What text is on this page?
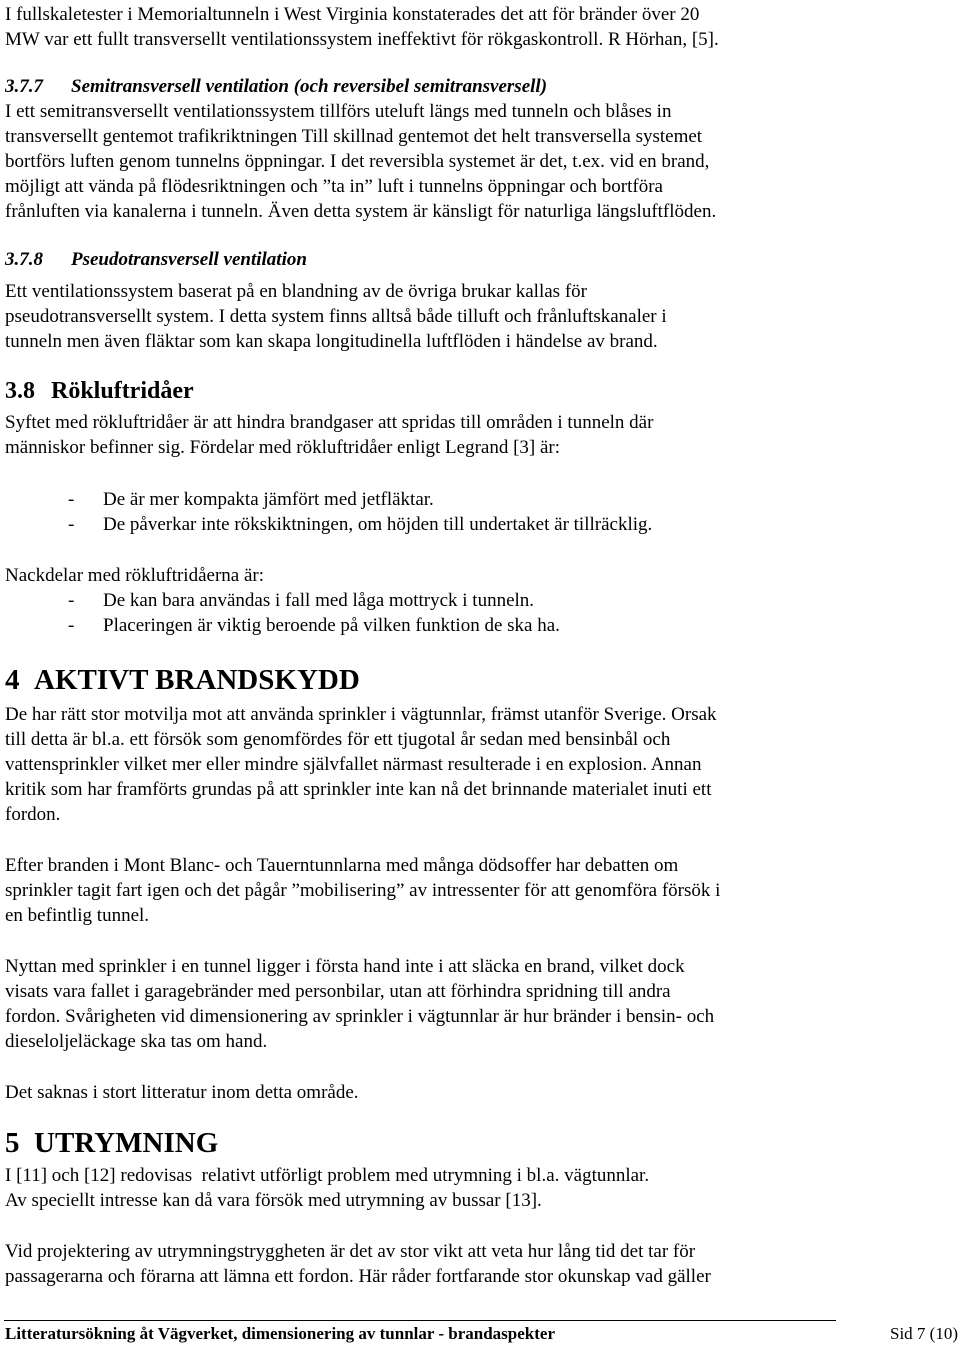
I fullskaletester i Memorialtunneln i West Virginia konstaterades det att för bränder över 20

MW var ett fullt transversellt ventilationssystem ineffektivt för rökgaskontroll. R Hörhan, [5].

3.7.7 Semitransversell ventilation (och reversibel semitransversell)

I ett semitransversellt ventilationssystem tillförs uteluft längs med tunneln och blåses in

transversellt gentemot trafikriktningen Till skillnad gentemot det helt transversella systemet

bortförs luften genom tunnelns öppningar. I det reversibla systemet är det, t.ex. vid en brand,

möjligt att vända på flödesriktningen och ”ta in” luft i tunnelns öppningar och bortföra

frånluften via kanalerna i tunneln. Även detta system är känsligt för naturliga längsluftflöden.

3.7.8 Pseudotransversell ventilation

Ett ventilationssystem baserat på en blandning av de övriga brukar kallas för

pseudotransversellt system. I detta system finns alltså både tilluft och frånluftskanaler i

tunneln men även fläktar som kan skapa longitudinella luftflöden i händelse av brand.

3.8 Rökluftridåer

Syftet med rökluftridåer är att hindra brandgaser att spridas till områden i tunneln där

människor befinner sig. Fördelar med rökluftridåer enligt Legrand [3] är:

- De är mer kompakta jämfört med jetfläktar.
- De påverkar inte rökskiktningen, om höjden till undertaket är tillräcklig.

Nackdelar med rökluftridåerna är:

- De kan bara användas i fall med låga mottryck i tunneln.
- Placeringen är viktig beroende på vilken funktion de ska ha.
4 AKTIVT BRANDSKYDD

De har rätt stor motvilja mot att använda sprinkler i vägtunnlar, främst utanför Sverige. Orsak

till detta är bl.a. ett försök som genomfördes för ett tjugotal år sedan med bensinbål och

vattensprinkler vilket mer eller mindre självfallet närmast resulterade i en explosion. Annan

kritik som har framförts grundas på att sprinkler inte kan nå det brinnande materialet inuti ett

fordon.

Efter branden i Mont Blanc- och Tauerntunnlarna med många dödsoffer har debatten om

sprinkler tagit fart igen och det pågår ”mobilisering” av intressenter för att genomföra försök i

en befintlig tunnel.

Nyttan med sprinkler i en tunnel ligger i första hand inte i att släcka en brand, vilket dock

visats vara fallet i garagebränder med personbilar, utan att förhindra spridning till andra

fordon. Svårigheten vid dimensionering av sprinkler i vägtunnlar är hur bränder i bensin- och

dieseloljeläckage ska tas om hand.

Det saknas i stort litteratur inom detta område.

5 UTRYMNING

I [11] och [12] redovisas  relativt utförligt problem med utrymning i bl.a. vägtunnlar.

Av speciellt intresse kan då vara försök med utrymning av bussar [13].

Vid projektering av utrymningstryggheten är det av stor vikt att veta hur lång tid det tar för

passagerarna och förarna att lämna ett fordon. Här råder fortfarande stor okunskap vad gäller

Litteratursökning åt Vägverket, dimensionering av tunnlar - brandaspekter	Sid 7 (10)
